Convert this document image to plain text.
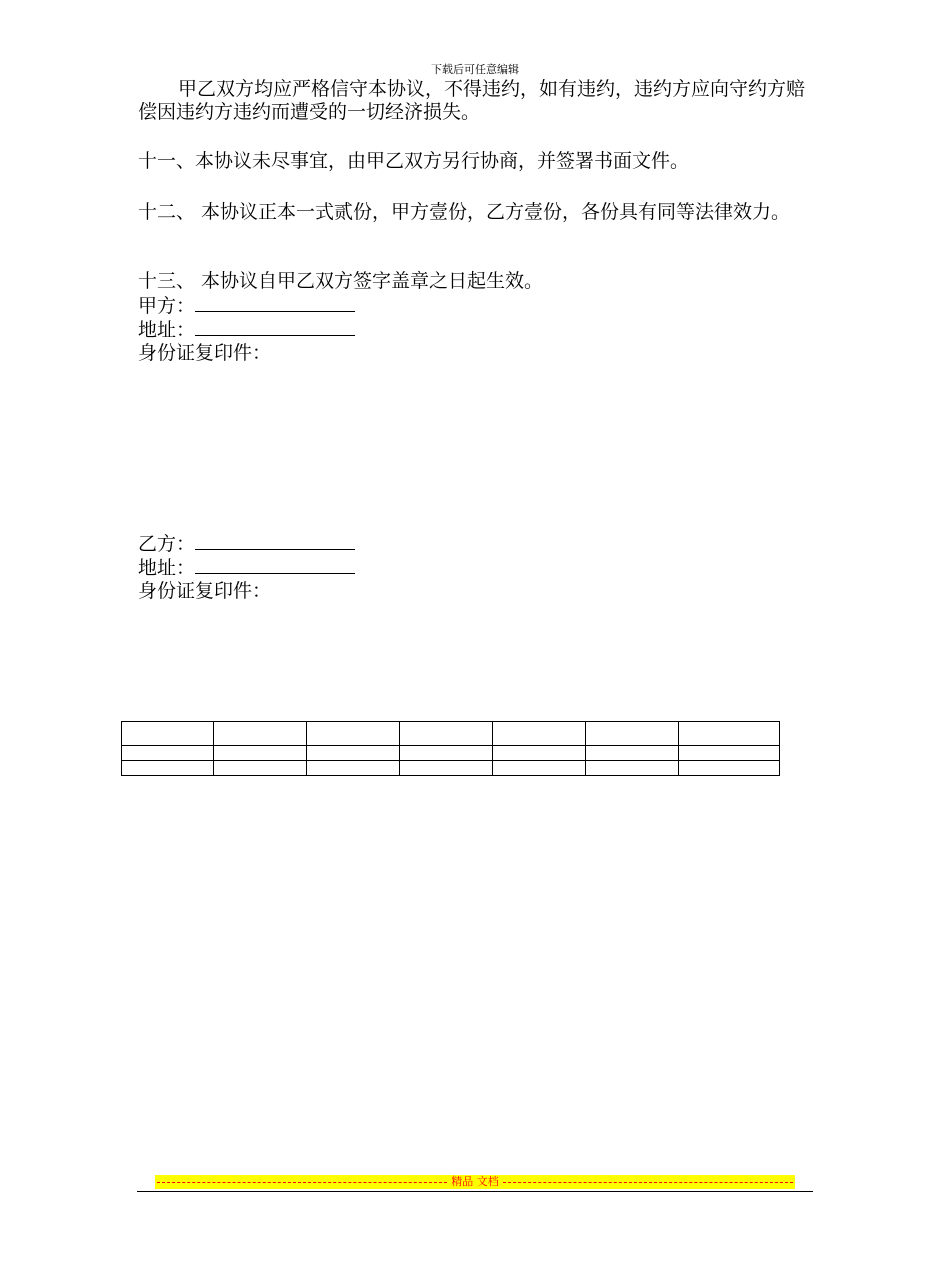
下载后可任意编辑
甲乙双方均应严格信守本协议，不得违约，如有违约，违约方应向守约方赔偿因违约方违约而遭受的一切经济损失。
十一、本协议未尽事宜，由甲乙双方另行协商，并签署书面文件。
十二、 本协议正本一式贰份，甲方壹份，乙方壹份，各份具有同等法律效力。
十三、 本协议自甲乙双方签字盖章之日起生效。
甲方：
地址：
身份证复印件：
乙方：
地址：
身份证复印件：

精品 文档
